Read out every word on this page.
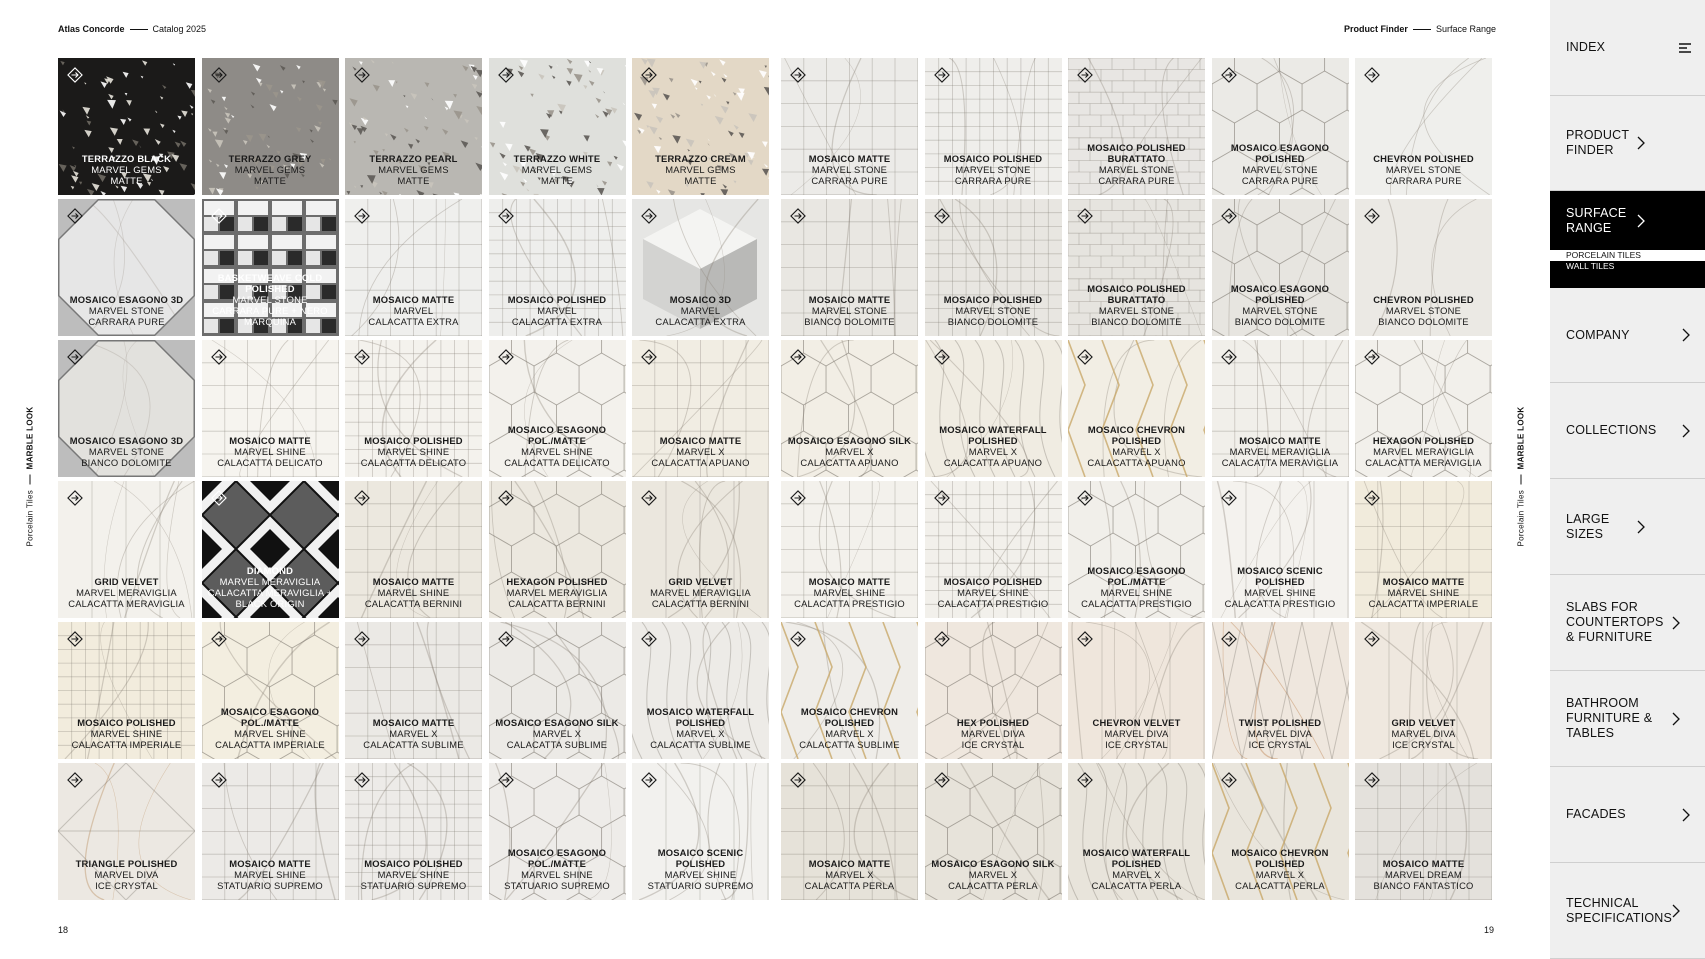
Atlas Concorde	Catalog 2025	Product Finder	Surface Range
Porcelain Tiles
MARBLE LOOK
Porcelain Tiles
MARBLE LOOK
TERRAZZO BLACK
MARVEL GEMS
MATTE
TERRAZZO GREY
MARVEL GEMS
MATTE
TERRAZZO PEARL
MARVEL GEMS
MATTE
TERRAZZO WHITE
MARVEL GEMS
MATTE
TERRAZZO CREAM
MARVEL GEMS
MATTE
MOSAICO ESAGONO 3D
MARVEL STONE
CARRARA PURE
BASKETWEAVE COLD POLISHED
MARVEL STONE
CARRARA PURE + NERO MARQUINA
MOSAICO MATTE
MARVEL
CALACATTA EXTRA
MOSAICO POLISHED
MARVEL
CALACATTA EXTRA
MOSAICO 3D
MARVEL
CALACATTA EXTRA
MOSAICO ESAGONO 3D
MARVEL STONE
BIANCO DOLOMITE
MOSAICO MATTE
MARVEL SHINE
CALACATTA DELICATO
MOSAICO POLISHED
MARVEL SHINE
CALACATTA DELICATO
MOSAICO ESAGONO POL./MATTE
MARVEL SHINE
CALACATTA DELICATO
MOSAICO MATTE
MARVEL X
CALACATTA APUANO
GRID VELVET
MARVEL MERAVIGLIA
CALACATTA MERAVIGLIA
DIAMOND
MARVEL MERAVIGLIA
CALACATTA MERAVIGLIA + BLACK ORIGIN
MOSAICO MATTE
MARVEL SHINE
CALACATTA BERNINI
HEXAGON POLISHED
MARVEL MERAVIGLIA
CALACATTA BERNINI
GRID VELVET
MARVEL MERAVIGLIA
CALACATTA BERNINI
MOSAICO POLISHED
MARVEL SHINE
CALACATTA IMPERIALE
MOSAICO ESAGONO POL./MATTE
MARVEL SHINE
CALACATTA IMPERIALE
MOSAICO MATTE
MARVEL X
CALACATTA SUBLIME
MOSAICO ESAGONO SILK
MARVEL X
CALACATTA SUBLIME
MOSAICO WATERFALL POLISHED
MARVEL X
CALACATTA SUBLIME
TRIANGLE POLISHED
MARVEL DIVA
ICE CRYSTAL
MOSAICO MATTE
MARVEL SHINE
STATUARIO SUPREMO
MOSAICO POLISHED
MARVEL SHINE
STATUARIO SUPREMO
MOSAICO ESAGONO POL./MATTE
MARVEL SHINE
STATUARIO SUPREMO
MOSAICO SCENIC POLISHED
MARVEL SHINE
STATUARIO SUPREMO
MOSAICO MATTE
MARVEL STONE
CARRARA PURE
MOSAICO POLISHED
MARVEL STONE
CARRARA PURE
MOSAICO POLISHED BURATTATO
MARVEL STONE
CARRARA PURE
MOSAICO ESAGONO POLISHED
MARVEL STONE
CARRARA PURE
CHEVRON POLISHED
MARVEL STONE
CARRARA PURE
MOSAICO MATTE
MARVEL STONE
BIANCO DOLOMITE
MOSAICO POLISHED
MARVEL STONE
BIANCO DOLOMITE
MOSAICO POLISHED BURATTATO
MARVEL STONE
BIANCO DOLOMITE
MOSAICO ESAGONO POLISHED
MARVEL STONE
BIANCO DOLOMITE
CHEVRON POLISHED
MARVEL STONE
BIANCO DOLOMITE
MOSAICO ESAGONO SILK
MARVEL X
CALACATTA APUANO
MOSAICO WATERFALL POLISHED
MARVEL X
CALACATTA APUANO
MOSAICO CHEVRON POLISHED
MARVEL X
CALACATTA APUANO
MOSAICO MATTE
MARVEL MERAVIGLIA
CALACATTA MERAVIGLIA
HEXAGON POLISHED
MARVEL MERAVIGLIA
CALACATTA MERAVIGLIA
MOSAICO MATTE
MARVEL SHINE
CALACATTA PRESTIGIO
MOSAICO POLISHED
MARVEL SHINE
CALACATTA PRESTIGIO
MOSAICO ESAGONO POL./MATTE
MARVEL SHINE
CALACATTA PRESTIGIO
MOSAICO SCENIC POLISHED
MARVEL SHINE
CALACATTA PRESTIGIO
MOSAICO MATTE
MARVEL SHINE
CALACATTA IMPERIALE
MOSAICO CHEVRON POLISHED
MARVEL X
CALACATTA SUBLIME
HEX POLISHED
MARVEL DIVA
ICE CRYSTAL
CHEVRON VELVET
MARVEL DIVA
ICE CRYSTAL
TWIST POLISHED
MARVEL DIVA
ICE CRYSTAL
GRID VELVET
MARVEL DIVA
ICE CRYSTAL
MOSAICO MATTE
MARVEL X
CALACATTA PERLA
MOSAICO ESAGONO SILK
MARVEL X
CALACATTA PERLA
MOSAICO WATERFALL POLISHED
MARVEL X
CALACATTA PERLA
MOSAICO CHEVRON POLISHED
MARVEL X
CALACATTA PERLA
MOSAICO MATTE
MARVEL DREAM
BIANCO FANTASTICO
18	19
INDEX
PRODUCT FINDER
SURFACE RANGE
COMPANY
COLLECTIONS
LARGE SIZES
SLABS FOR COUNTERTOPS & FURNITURE
BATHROOM FURNITURE & TABLES
FACADES
TECHNICAL SPECIFICATIONS
PORCELAIN TILES
WALL TILES
